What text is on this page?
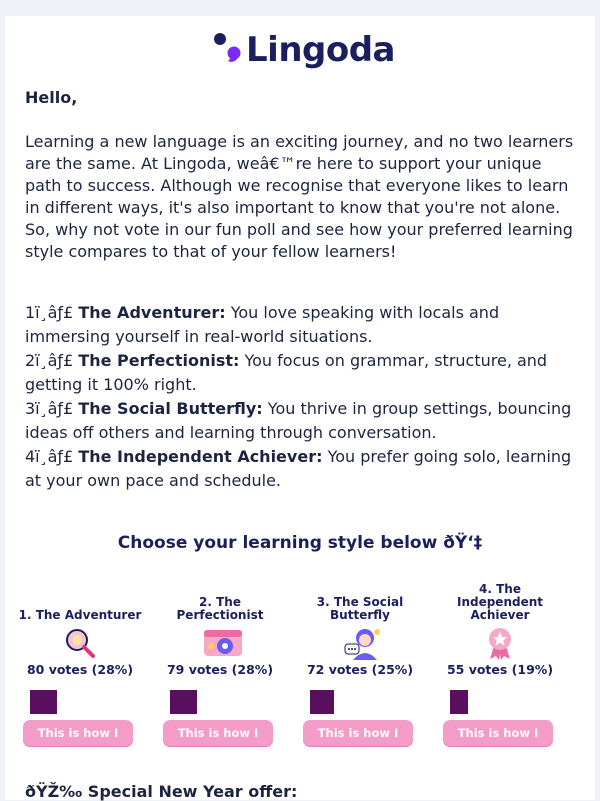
Lingoda
Hello,
Learning a new language is an exciting journey, and no two learners are the same. At Lingoda, weâ€™re here to support your unique path to success. Although we recognise that everyone likes to learn in different ways, it's also important to know that you're not alone. So, why not vote in our fun poll and see how your preferred learning style compares to that of your fellow learners!
1ï¸âƒ£ The Adventurer: You love speaking with locals and immersing yourself in real-world situations.
2ï¸âƒ£ The Perfectionist: You focus on grammar, structure, and getting it 100% right.
3ï¸âƒ£ The Social Butterfly: You thrive in group settings, bouncing ideas off others and learning through conversation.
4ï¸âƒ£ The Independent Achiever: You prefer going solo, learning at your own pace and schedule.
Choose your learning style below ðŸ‘‡
1. The Adventurer
80 votes (28%)
This is how I learn
2. The Perfectionist
79 votes (28%)
This is how I learn
3. The Social Butterfly
72 votes (25%)
This is how I learn
4. The Independent Achiever
55 votes (19%)
This is how I learn
ðŸŽ‰ Special New Year offer:
